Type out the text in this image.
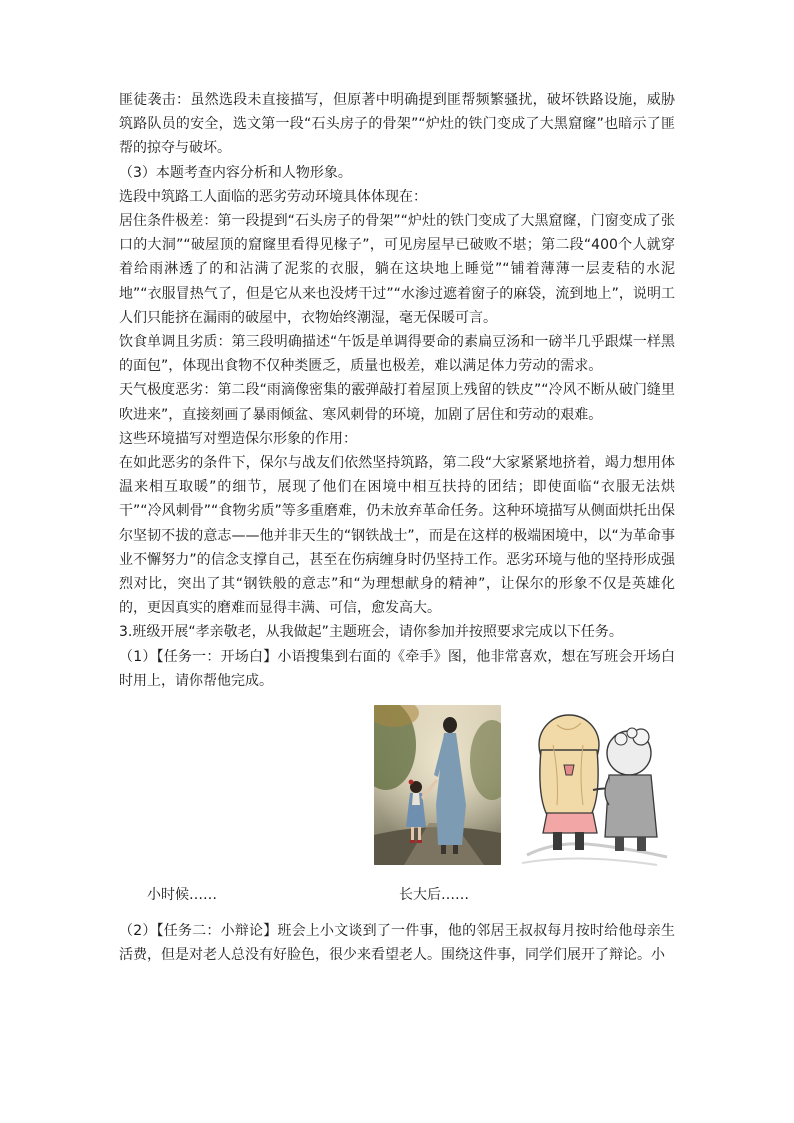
匪徒袭击：虽然选段未直接描写，但原著中明确提到匪帮频繁骚扰，破坏铁路设施，威胁筑路队员的安全，选文第一段“石头房子的骨架”“炉灶的铁门变成了大黑窟窿”也暗示了匪帮的掠夺与破坏。

（3）本题考查内容分析和人物形象。

选段中筑路工人面临的恶劣劳动环境具体体现在：

居住条件极差：第一段提到“石头房子的骨架”“炉灶的铁门变成了大黑窟窿，门窗变成了张口的大洞”“破屋顶的窟窿里看得见椽子”，可见房屋早已破败不堪；第二段“400个人就穿着给雨淋透了的和沾满了泥浆的衣服，躺在这块地上睡觉”“铺着薄薄一层麦秸的水泥地”“衣服冒热气了，但是它从来也没烤干过”“水渗过遮着窗子的麻袋，流到地上”，说明工人们只能挤在漏雨的破屋中，衣物始终潮湿，毫无保暖可言。

饮食单调且劣质：第三段明确描述“午饭是单调得要命的素扁豆汤和一磅半几乎跟煤一样黑的面包”，体现出食物不仅种类匮乏，质量也极差，难以满足体力劳动的需求。

天气极度恶劣：第二段“雨滴像密集的霰弹敲打着屋顶上残留的铁皮”“冷风不断从破门缝里吹进来”，直接刻画了暴雨倾盆、寒风刺骨的环境，加剧了居住和劳动的艰难。

这些环境描写对塑造保尔形象的作用：

在如此恶劣的条件下，保尔与战友们依然坚持筑路，第二段“大家紧紧地挤着，竭力想用体温来相互取暖”的细节，展现了他们在困境中相互扶持的团结；即使面临“衣服无法烘干”“冷风刺骨”“食物劣质”等多重磨难，仍未放弃革命任务。这种环境描写从侧面烘托出保尔坚韧不拔的意志——他并非天生的“钢铁战士”，而是在这样的极端困境中，以“为革命事业不懈努力”的信念支撑自己，甚至在伤病缠身时仍坚持工作。恶劣环境与他的坚持形成强烈对比，突出了其“钢铁般的意志”和“为理想献身的精神”，让保尔的形象不仅是英雄化的，更因真实的磨难而显得丰满、可信，愈发高大。

3.班级开展“孝亲敬老，从我做起”主题班会，请你参加并按照要求完成以下任务。

（1）【任务一：开场白】小语搜集到右面的《牵手》图，他非常喜欢，想在写班会开场白时用上，请你帮他完成。

小时候……	长大后……

（2）【任务二：小辩论】班会上小文谈到了一件事，他的邻居王叔叔每月按时给他母亲生活费，但是对老人总没有好脸色，很少来看望老人。围绕这件事，同学们展开了辩论。小
